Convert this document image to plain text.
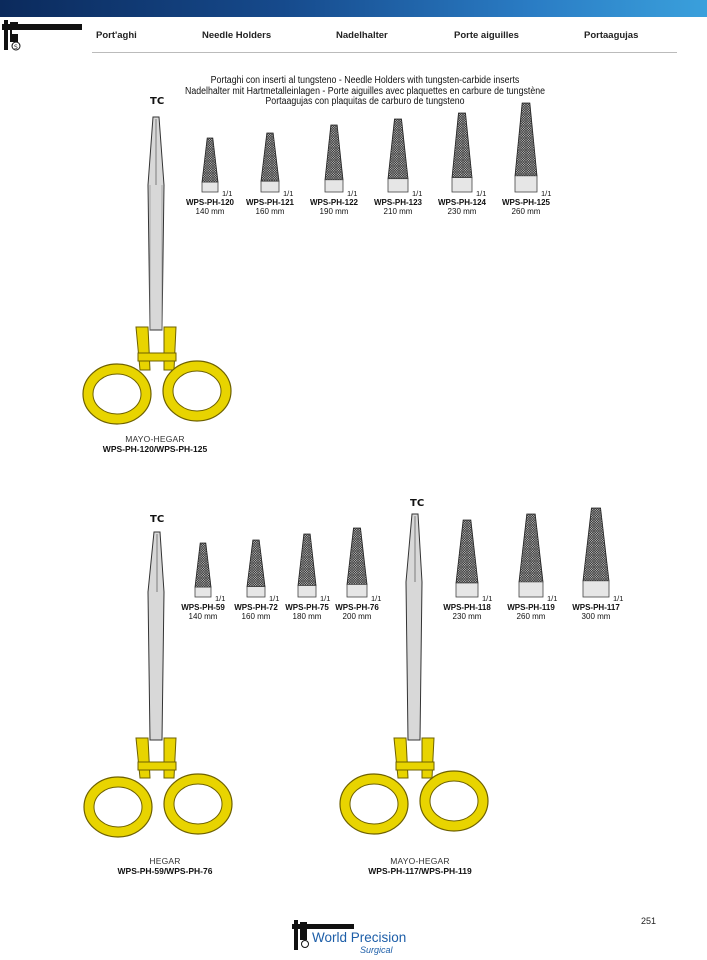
S
Port'aghi	Needle Holders	Nadelhalter	Porte aiguilles	Portaagujas
Portaghi con inserti al tungsteno - Needle Holders with tungsten-carbide inserts
Nadelhalter mit Hartmetalleinlagen - Porte aiguilles avec plaquettes en carbure de tungstène
Portaagujas con plaquitas de carburo de tungsteno
TC
MAYO-HEGAR
WPS-PH-120/WPS-PH-125
1/1
WPS-PH-120
140 mm
1/1
WPS-PH-121
160 mm
1/1
WPS-PH-122
190 mm
1/1
WPS-PH-123
210 mm
1/1
WPS-PH-124
230 mm
1/1
WPS-PH-125
260 mm
TC
HEGAR
WPS-PH-59/WPS-PH-76
1/1
WPS-PH-59
140 mm
1/1
WPS-PH-72
160 mm
1/1
WPS-PH-75
180 mm
1/1
WPS-PH-76
200 mm
TC
MAYO-HEGAR
WPS-PH-117/WPS-PH-119
1/1
WPS-PH-118
230 mm
1/1
WPS-PH-119
260 mm
1/1
WPS-PH-117
300 mm
251
World Precision
Surgical
